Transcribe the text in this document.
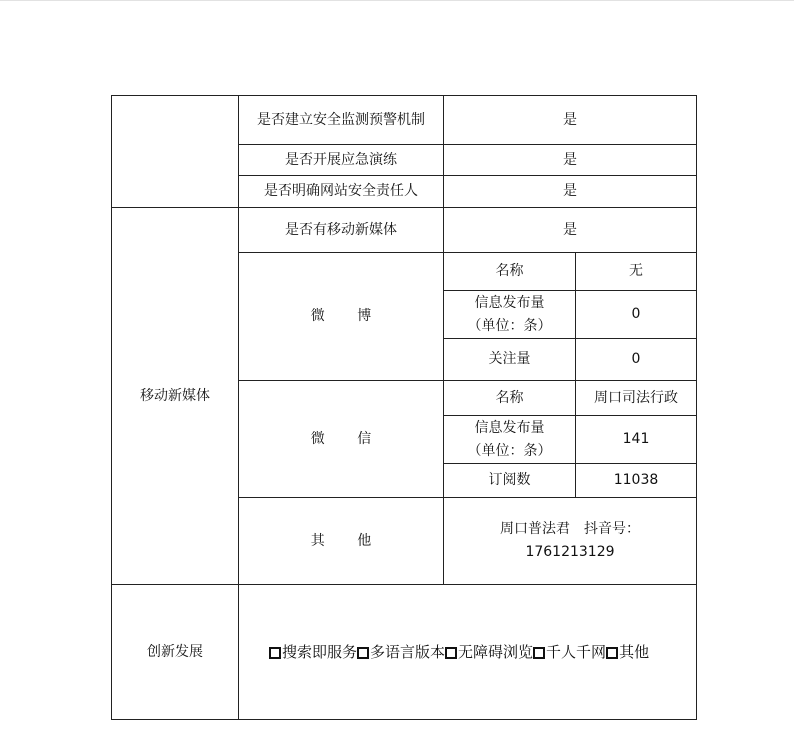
	是否建立安全监测预警机制	是	
	是否开展应急演练	是	
	是否明确网站安全责任人	是	
移动新媒体	是否有移动新媒体	是	
	微 博	名称	无

		信息发布量
（单位：条）	0
		关注量	0
	微 信	名称	周口司法行政

		信息发布量
（单位：条）	141
		订阅数	11038
	其 他	周口普法君　抖音号：
1761213129	

创新发展	搜索即服务 多语言版本 无障碍浏览 千人千网 其他		
